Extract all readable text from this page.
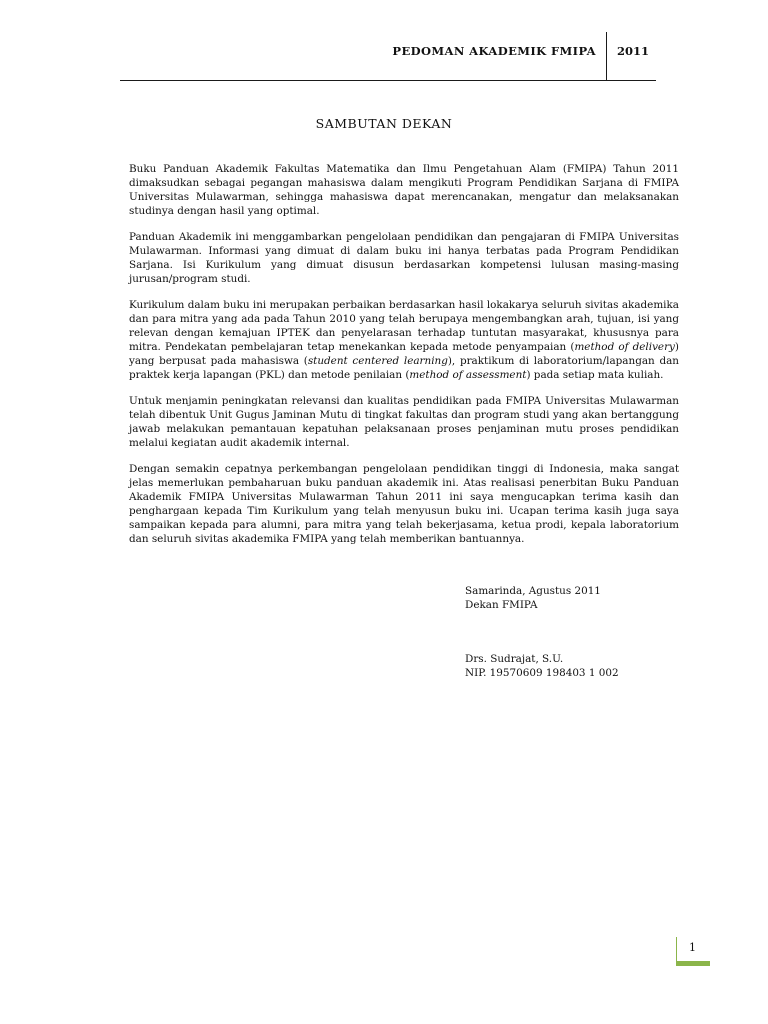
PEDOMAN AKADEMIK FMIPA 2011
SAMBUTAN DEKAN

Buku Panduan Akademik Fakultas Matematika dan Ilmu Pengetahuan Alam (FMIPA) Tahun 2011 dimaksudkan sebagai pegangan mahasiswa dalam mengikuti Program Pendidikan Sarjana di FMIPA Universitas Mulawarman, sehingga mahasiswa dapat merencanakan, mengatur dan melaksanakan studinya dengan hasil yang optimal.

Panduan Akademik ini menggambarkan pengelolaan pendidikan dan pengajaran di FMIPA Universitas Mulawarman. Informasi yang dimuat di dalam buku ini hanya terbatas pada Program Pendidikan Sarjana. Isi Kurikulum yang dimuat disusun berdasarkan kompetensi lulusan masing-masing jurusan/program studi.

Kurikulum dalam buku ini merupakan perbaikan berdasarkan hasil lokakarya seluruh sivitas akademika dan para mitra yang ada pada Tahun 2010 yang telah berupaya mengembangkan arah, tujuan, isi yang relevan dengan kemajuan IPTEK dan penyelarasan terhadap tuntutan masyarakat, khususnya para mitra. Pendekatan pembelajaran tetap menekankan kepada metode penyampaian (method of delivery) yang berpusat pada mahasiswa (student centered learning), praktikum di laboratorium/lapangan dan praktek kerja lapangan (PKL) dan metode penilaian (method of assessment) pada setiap mata kuliah.

Untuk menjamin peningkatan relevansi dan kualitas pendidikan pada FMIPA Universitas Mulawarman telah dibentuk Unit Gugus Jaminan Mutu di tingkat fakultas dan program studi yang akan bertanggung jawab melakukan pemantauan kepatuhan pelaksanaan proses penjaminan mutu proses pendidikan melalui kegiatan audit akademik internal.

Dengan semakin cepatnya perkembangan pengelolaan pendidikan tinggi di Indonesia, maka sangat jelas memerlukan pembaharuan buku panduan akademik ini. Atas realisasi penerbitan Buku Panduan Akademik FMIPA Universitas Mulawarman Tahun 2011 ini saya mengucapkan terima kasih dan penghargaan kepada Tim Kurikulum yang telah menyusun buku ini. Ucapan terima kasih juga saya sampaikan kepada para alumni, para mitra yang telah bekerjasama, ketua prodi, kepala laboratorium dan seluruh sivitas akademika FMIPA yang telah memberikan bantuannya.

Samarinda, Agustus 2011
Dekan FMIPA
Drs. Sudrajat, S.U.
NIP. 19570609 198403 1 002
1
